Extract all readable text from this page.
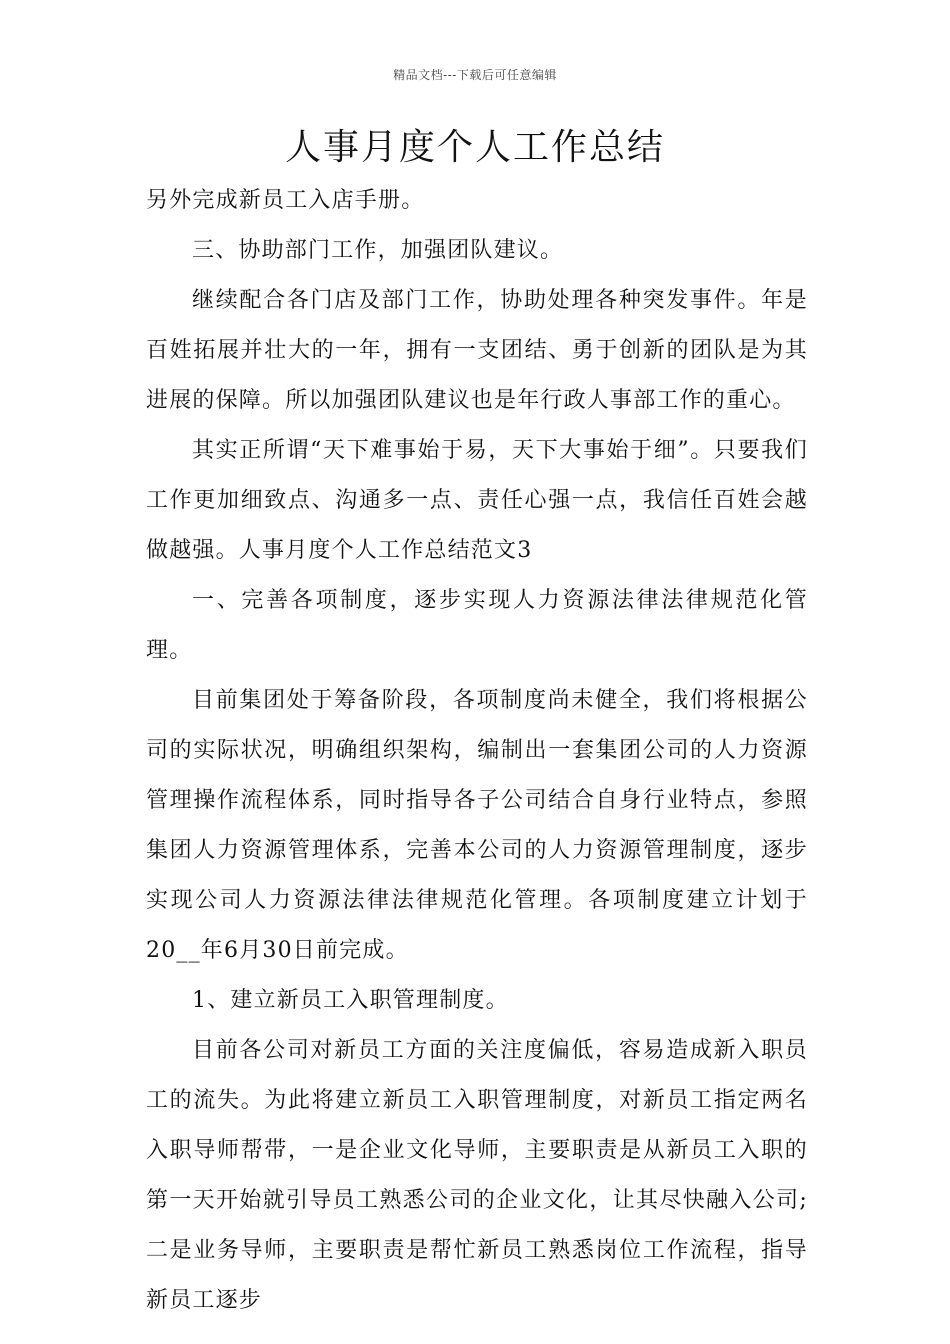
精品文档---下载后可任意编辑
人事月度个人工作总结

另外完成新员工入店手册。

三、协助部门工作，加强团队建议。

继续配合各门店及部门工作，协助处理各种突发事件。年是百姓拓展并壮大的一年，拥有一支团结、勇于创新的团队是为其进展的保障。所以加强团队建议也是年行政人事部工作的重心。

其实正所谓“天下难事始于易，天下大事始于细”。只要我们工作更加细致点、沟通多一点、责任心强一点，我信任百姓会越做越强。人事月度个人工作总结范文3

一、完善各项制度，逐步实现人力资源法律法律规范化管理。

目前集团处于筹备阶段，各项制度尚未健全，我们将根据公司的实际状况，明确组织架构，编制出一套集团公司的人力资源管理操作流程体系，同时指导各子公司结合自身行业特点，参照集团人力资源管理体系，完善本公司的人力资源管理制度，逐步实现公司人力资源法律法律规范化管理。各项制度建立计划于20__年6月30日前完成。

1、建立新员工入职管理制度。

目前各公司对新员工方面的关注度偏低，容易造成新入职员工的流失。为此将建立新员工入职管理制度，对新员工指定两名入职导师帮带，一是企业文化导师，主要职责是从新员工入职的第一天开始就引导员工熟悉公司的企业文化，让其尽快融入公司;二是业务导师，主要职责是帮忙新员工熟悉岗位工作流程，指导新员工逐步
